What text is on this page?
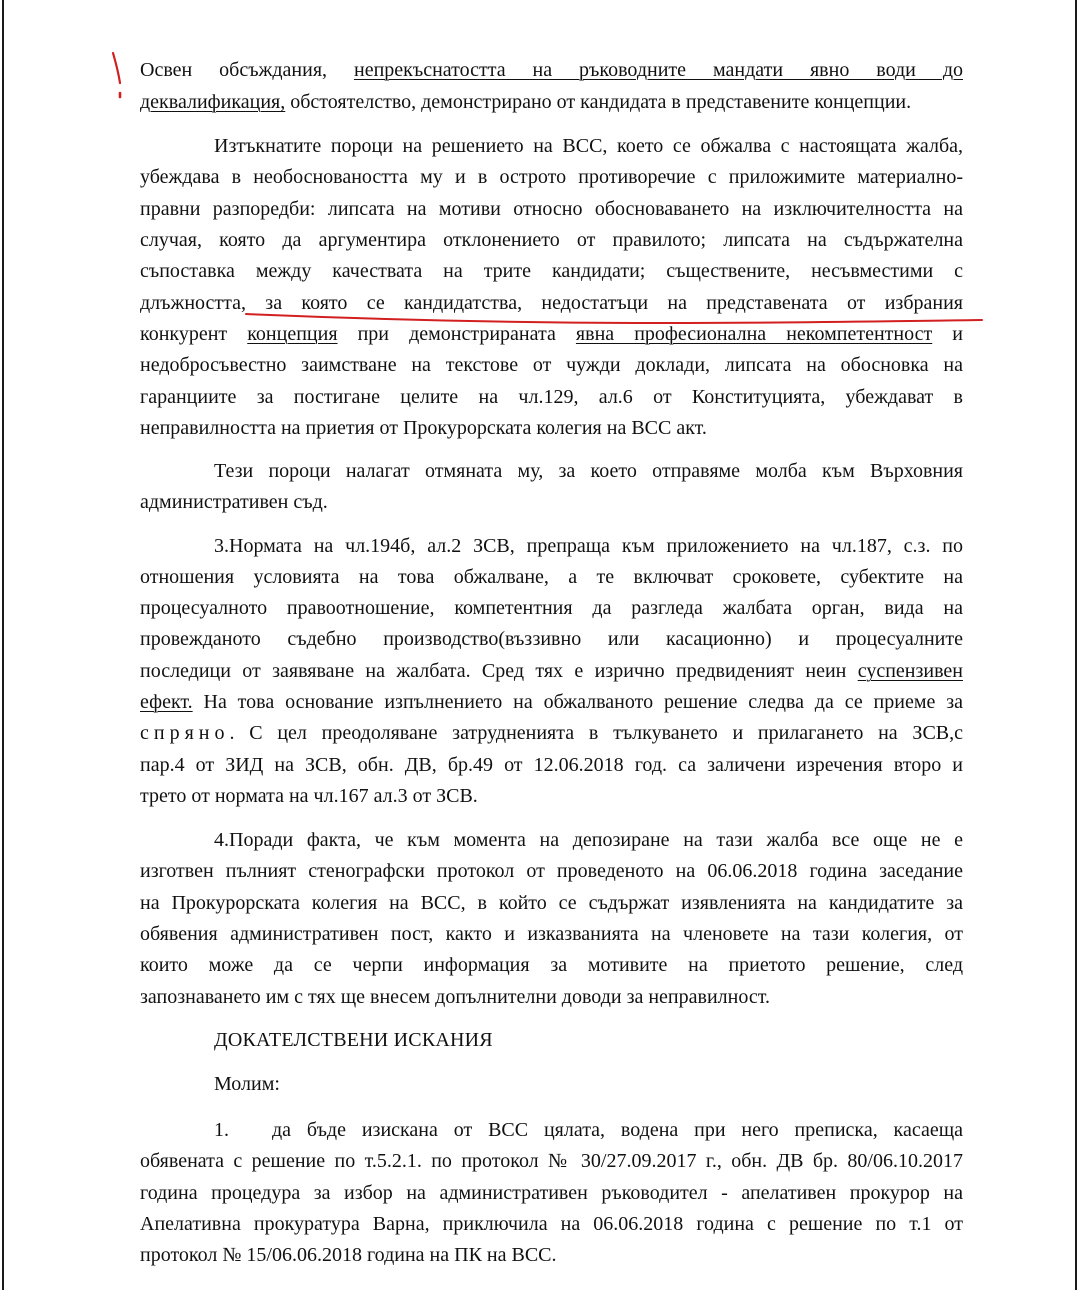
Освен обсъждания, непрекъснатостта на ръководните мандати явно води до

деквалификация, обстоятелство, демонстрирано от кандидата в представените концепции.

Изтъкнатите пороци на решението на ВСС, което се обжалва с настоящата жалба,

убеждава в необосноваността му и в острото противоречие с приложимите материално-

правни разпоредби: липсата на мотиви относно обосноваването на изключителността на

случая, която да аргументира отклонението от правилото; липсата на съдържателна

съпоставка между качествата на трите кандидати; съществените, несъвместими с

длъжността, за която се кандидатства, недостатъци на представената от избрания

конкурент концепция при демонстрираната явна професионална некомпетентност и

недобросъвестно заимстване на текстове от чужди доклади, липсата на обосновка на

гаранциите за постигане целите на чл.129, ал.6 от Конституцията, убеждават в

неправилността на приетия от Прокурорската колегия на ВСС акт.

Тези пороци налагат отмяната му, за което отправяме молба към Върховния

административен съд.

3.Нормата на чл.194б, ал.2 ЗСВ, препраща към приложението на чл.187, с.з. по

отношения условията на това обжалване, а те включват сроковете, субектите на

процесуалното правоотношение, компетентния да разгледа жалбата орган, вида на

провежданото съдебно производство(въззивно или касационно) и процесуалните

последици от заявяване на жалбата. Сред тях е изрично предвиденият неин суспензивен

ефект. На това основание изпълнението на обжалваното решение следва да се приеме за

спряно. С цел преодоляване затрудненията в тълкуването и прилагането на ЗСВ,с

пар.4 от ЗИД на ЗСВ, обн. ДВ, бр.49 от 12.06.2018 год. са заличени изречения второ и

трето от нормата на чл.167 ал.3 от ЗСВ.

4.Поради факта, че към момента на депозиране на тази жалба все още не е

изготвен пълният стенографски протокол от проведеното на 06.06.2018 година заседание

на Прокурорската колегия на ВСС, в който се съдържат изявленията на кандидатите за

обявения административен пост, както и изказванията на членовете на тази колегия, от

които може да се черпи информация за мотивите на приетото решение, след

запознаването им с тях ще внесем допълнителни доводи за неправилност.

ДОКАТЕЛСТВЕНИ ИСКАНИЯ

Молим:

1.	да бъде изискана от ВСС цялата, водена при него преписка, касаеща

обявената с решение по т.5.2.1. по протокол № 30/27.09.2017 г., обн. ДВ бр. 80/06.10.2017

година процедура за избор на административен ръководител - апелативен прокурор на

Апелативна прокуратура Варна, приключила на 06.06.2018 година с решение по т.1 от

протокол № 15/06.06.2018 година на ПК на ВСС.
